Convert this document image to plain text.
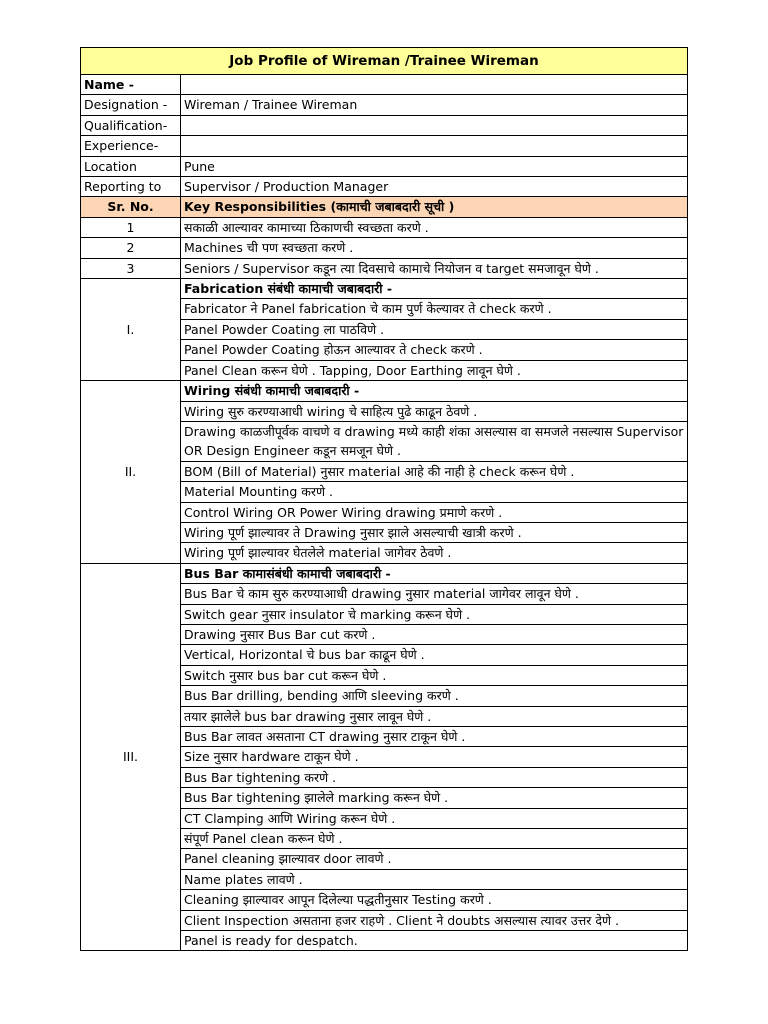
Job Profile of Wireman /Trainee Wireman	
Name -	
Designation -	Wireman / Trainee Wireman
Qualification-	
Experience-	
Location	Pune
Reporting to	Supervisor / Production Manager
Sr. No.	Key Responsibilities (कामाची जबाबदारी सूची )
1	सकाळी आल्यावर कामाच्या ठिकाणची स्वच्छता करणे .
2	Machines ची पण स्वच्छता करणे .
3	Seniors / Supervisor कडून त्या दिवसाचे कामाचे नियोजन व target समजावून घेणे .
I.	Fabrication संबंधी कामाची जबाबदारी -
	Fabricator ने Panel fabrication चे काम पुर्ण केल्यावर ते check करणे .
	Panel Powder Coating ला पाठविणे .
	Panel Powder Coating होऊन आल्यावर ते check करणे .
	Panel Clean करून घेणे . Tapping, Door Earthing लावून घेणे .
II.	Wiring संबंधी कामाची जबाबदारी -
	Wiring सुरु करण्याआधी wiring चे साहित्य पुढे काढून ठेवणे .
	Drawing काळजीपूर्वक वाचणे व drawing मध्ये काही शंका असल्यास वा समजले नसल्यास Supervisor OR Design Engineer कडून समजून घेणे .
	BOM (Bill of Material) नुसार material आहे की नाही हे check करून घेणे .
	Material Mounting करणे .
	Control Wiring OR Power Wiring drawing प्रमाणे करणे .
	Wiring पूर्ण झाल्यावर ते Drawing नुसार झाले असल्याची खात्री करणे .
	Wiring पूर्ण झाल्यावर घेतलेले material जागेवर ठेवणे .
III.	Bus Bar कामासंबंधी कामाची जबाबदारी -
	Bus Bar चे काम सुरु करण्याआधी drawing नुसार material जागेवर लावून घेणे .
	Switch gear नुसार insulator चे marking करून घेणे .
	Drawing नुसार Bus Bar cut करणे .
	Vertical, Horizontal चे bus bar काढून घेणे .
	Switch नुसार bus bar cut करून घेणे .
	Bus Bar drilling, bending आणि sleeving करणे .
	तयार झालेले bus bar drawing नुसार लावून घेणे .
	Bus Bar लावत असताना CT drawing नुसार टाकून घेणे .
	Size नुसार hardware टाकून घेणे .
	Bus Bar tightening करणे .
	Bus Bar tightening झालेले marking करून घेणे .
	CT Clamping आणि Wiring करून घेणे .
	संपूर्ण Panel clean करून घेणे .
	Panel cleaning झाल्यावर door लावणे .
	Name plates लावणे .
	Cleaning झाल्यावर आपून दिलेल्या पद्धतीनुसार Testing करणे .
	Client Inspection असताना हजर राहणे . Client ने doubts असल्यास त्यावर उत्तर देणे .
	Panel is ready for despatch.
